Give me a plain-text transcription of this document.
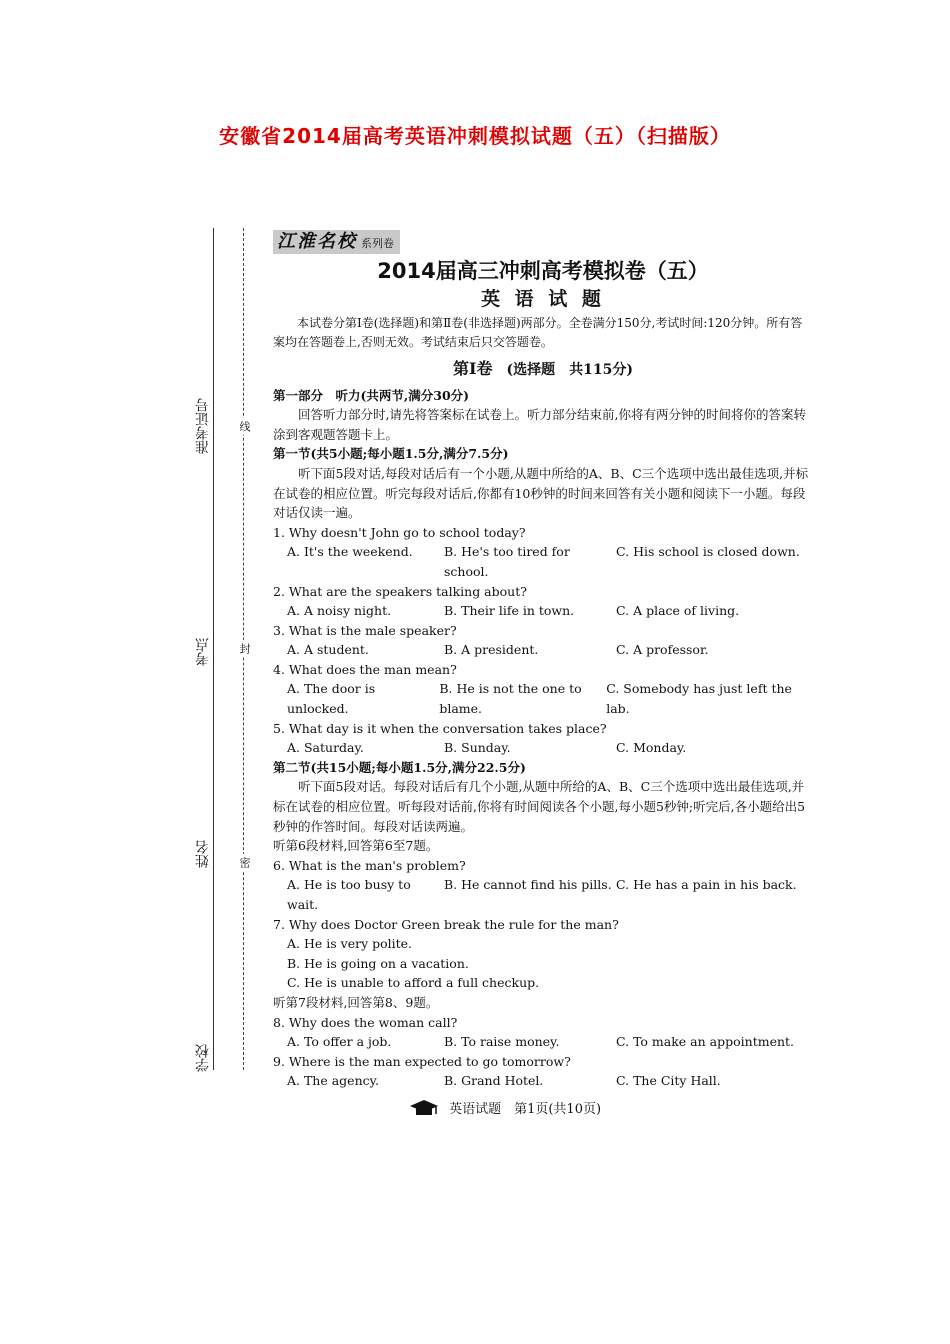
安徽省2014届高考英语冲刺模拟试题（五）（扫描版）
准考证号
考点
姓名
学校
线
封
密
江淮名校 系列卷
2014届高三冲刺高考模拟卷（五）
英 语 试 题

本试卷分第Ⅰ卷(选择题)和第Ⅱ卷(非选择题)两部分。全卷满分150分,考试时间:120分钟。所有答案均在答题卷上,否则无效。考试结束后只交答题卷。

第Ⅰ卷 (选择题　共115分)

第一部分　听力(共两节,满分30分)

回答听力部分时,请先将答案标在试卷上。听力部分结束前,你将有两分钟的时间将你的答案转涂到客观题答题卡上。

第一节(共5小题;每小题1.5分,满分7.5分)

听下面5段对话,每段对话后有一个小题,从题中所给的A、B、C三个选项中选出最佳选项,并标在试卷的相应位置。听完每段对话后,你都有10秒钟的时间来回答有关小题和阅读下一小题。每段对话仅读一遍。

1. Why doesn't John go to school today?

A. It's the weekend.	B. He's too tired for school.
C. His school is closed down.

2. What are the speakers talking about?

A. A noisy night.	B. Their life in town.	C. A place of living.

3. What is the male speaker?

A. A student.	B. A president.	C. A professor.

4. What does the man mean?

A. The door is unlocked.
B. He is not the one to blame.
C. Somebody has just left the lab.

5. What day is it when the conversation takes place?

A. Saturday.	B. Sunday.	C. Monday.

第二节(共15小题;每小题1.5分,满分22.5分)

听下面5段对话。每段对话后有几个小题,从题中所给的A、B、C三个选项中选出最佳选项,并标在试卷的相应位置。听每段对话前,你将有时间阅读各个小题,每小题5秒钟;听完后,各小题给出5秒钟的作答时间。每段对话读两遍。

听第6段材料,回答第6至7题。

6. What is the man's problem?

A. He is too busy to wait.
B. He cannot find his pills. C. He has a pain in his back.

7. Why does Doctor Green break the rule for the man?

A. He is very polite.

B. He is going on a vacation.

C. He is unable to afford a full checkup.

听第7段材料,回答第8、9题。

8. Why does the woman call?

A. To offer a job.	B. To raise money.	C. To make an appointment.

9. Where is the man expected to go tomorrow?

A. The agency.	B. Grand Hotel.	C. The City Hall.
英语试题　第1页(共10页)
